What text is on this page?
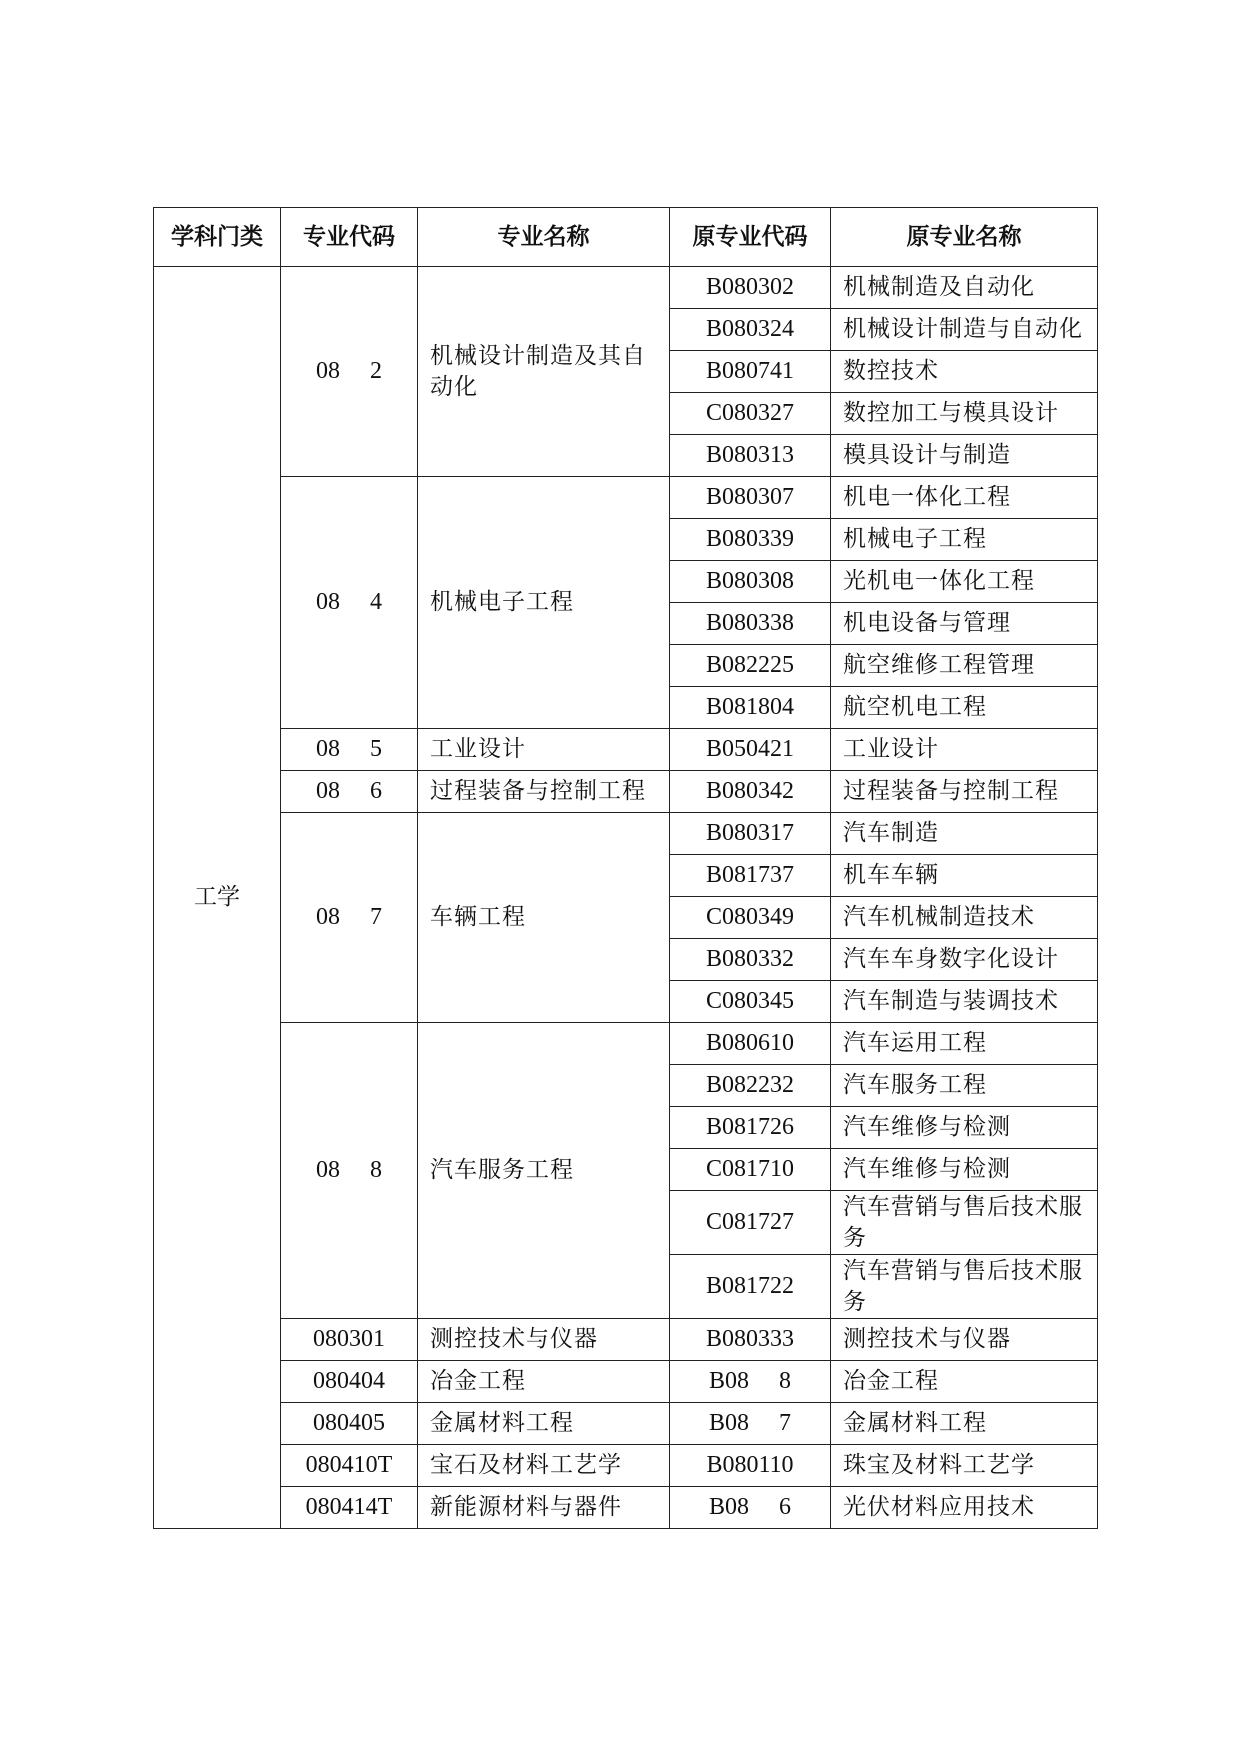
学科门类	专业代码	专业名称	原专业代码	原专业名称
工学	08  2	机械设计制造及其自动化	B080302	机械制造及自动化
			B080324	机械设计制造与自动化
			B080741	数控技术
			C080327	数控加工与模具设计
			B080313	模具设计与制造
	08  4	机械电子工程	B080307	机电一体化工程
			B080339	机械电子工程
			B080308	光机电一体化工程
			B080338	机电设备与管理
			B082225	航空维修工程管理
			B081804	航空机电工程
	08  5	工业设计	B050421	工业设计
	08  6	过程装备与控制工程	B080342	过程装备与控制工程
	08  7	车辆工程	B080317	汽车制造
			B081737	机车车辆
			C080349	汽车机械制造技术
			B080332	汽车车身数字化设计
			C080345	汽车制造与装调技术
	08  8	汽车服务工程	B080610	汽车运用工程
			B082232	汽车服务工程
			B081726	汽车维修与检测
			C081710	汽车维修与检测
			C081727	汽车营销与售后技术服务
			B081722	汽车营销与售后技术服务
	080301	测控技术与仪器	B080333	测控技术与仪器
	080404	冶金工程	B08  8	冶金工程
	080405	金属材料工程	B08  7	金属材料工程
	080410T	宝石及材料工艺学	B080110	珠宝及材料工艺学
	080414T	新能源材料与器件	B08  6	光伏材料应用技术
